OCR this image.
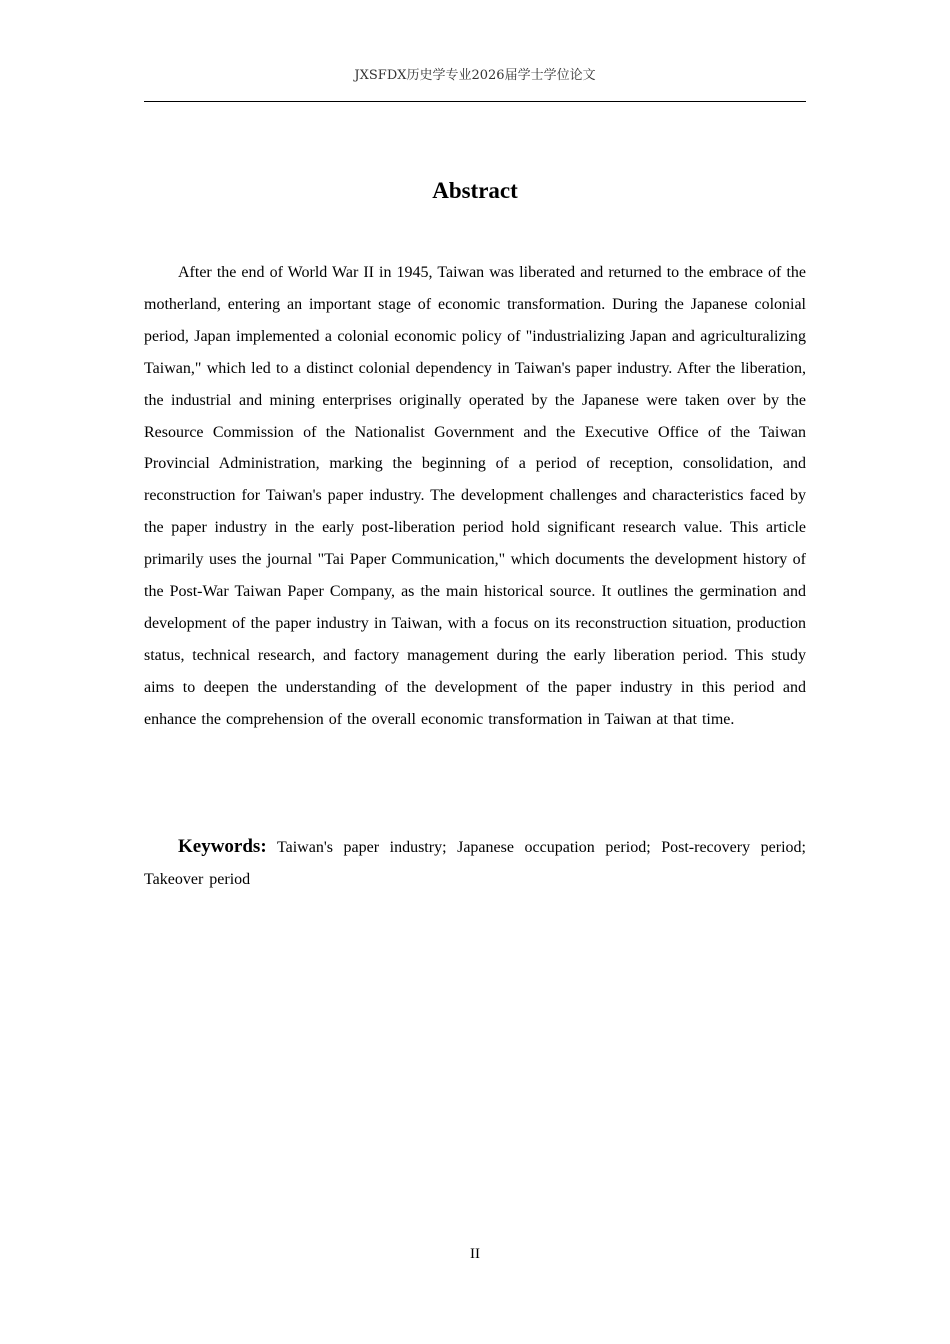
JXSFDX历史学专业2026届学士学位论文
Abstract

After the end of World War II in 1945, Taiwan was liberated and returned to the embrace of the motherland, entering an important stage of economic transformation. During the Japanese colonial period, Japan implemented a colonial economic policy of "industrializing Japan and agriculturalizing Taiwan," which led to a distinct colonial dependency in Taiwan's paper industry. After the liberation, the industrial and mining enterprises originally operated by the Japanese were taken over by the Resource Commission of the Nationalist Government and the Executive Office of the Taiwan Provincial Administration, marking the beginning of a period of reception, consolidation, and reconstruction for Taiwan's paper industry. The development challenges and characteristics faced by the paper industry in the early post-liberation period hold significant research value. This article primarily uses the journal "Tai Paper Communication," which documents the development history of the Post-War Taiwan Paper Company, as the main historical source. It outlines the germination and development of the paper industry in Taiwan, with a focus on its reconstruction situation, production status, technical research, and factory management during the early liberation period. This study aims to deepen the understanding of the development of the paper industry in this period and enhance the comprehension of the overall economic transformation in Taiwan at that time.

Keywords: Taiwan's paper industry; Japanese occupation period; Post-recovery period; Takeover period

II
